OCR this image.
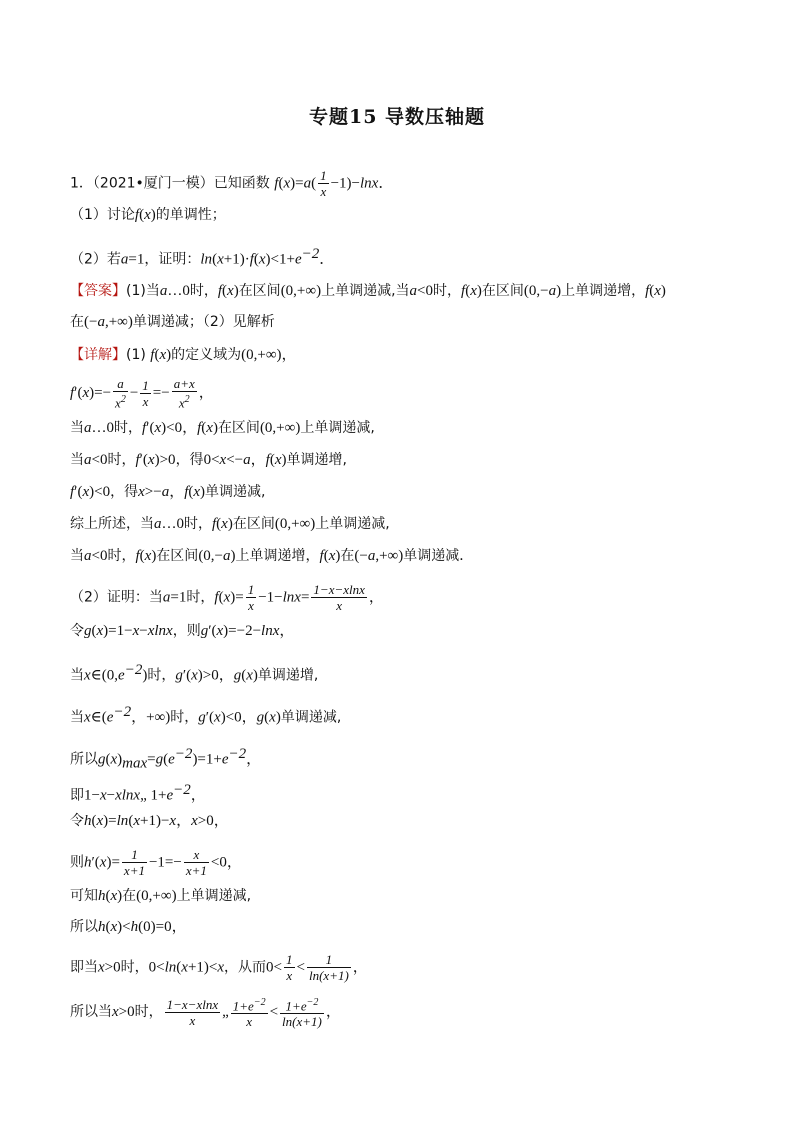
专题15 导数压轴题
1．（2021•厦门一模）已知函数 $f(x)=a( \frac{1}{x} -1)-\ln x$．
（1）讨论f(x)的单调性；
（2）若a=1，证明：$\ln(x+1)\cdot f(x)<1+e^{-2}$．
【答案】(1)当a…0时，f(x)在区间(0,+∞)上单调递减,当a<0时，f(x)在区间(0,−a)上单调递增，f(x)
在(−a,+∞)单调递减；（2）见解析
【详解】(1) f(x)的定义域为(0,+∞)，
$f'(x)=- \frac{a}{x^2} - \frac{1}{x} =- \frac{a+x}{x^2}$ ，
当a…0时，f′(x)<0，f(x)在区间(0,+∞)上单调递减,
当a<0时，f′(x)>0，得0<x<−a，f(x)单调递增,
f′(x)<0，得x>−a，f(x)单调递减,
综上所述，当a…0时，f(x)在区间(0,+∞)上单调递减,
当a<0时，f(x)在区间(0,−a)上单调递增，f(x)在(−a,+∞)单调递减．
（2）证明：当a=1时，$f(x)= \frac{1}{x} -1-\ln x= \frac{1-x-xlnx}{x}$ ，
令g(x)=1−x−xlnx，则g′(x)=−2−lnx，
当$x\in(0,e^{-2})$时，g′(x)>0，g(x)单调递增,
当$x\in(e^{-2}$，+∞)时，g′(x)<0，g(x)单调递减,
所以$g(x)_{max}=g(e^{-2})=1+e^{-2}$，
即1−x−xlnx„ $1+e^{-2}$，
令h(x)=ln(x+1)−x，x>0，
则$h'(x)= \frac{1}{x+1} -1=- \frac{x}{x+1} <0$，
可知h(x)在(0,+∞)上单调递减,
所以h(x)<h(0)=0，
即当x>0时，0<ln(x+1)<x，从而$0< \frac{1}{x} < \frac{1}{\ln(x+1)}$ ，
所以当x>0时， $\frac{1-x-xlnx}{x}$ „ $\frac{1+e^{-2}}{x} < \frac{1+e^{-2}}{\ln(x+1)}$ ，
